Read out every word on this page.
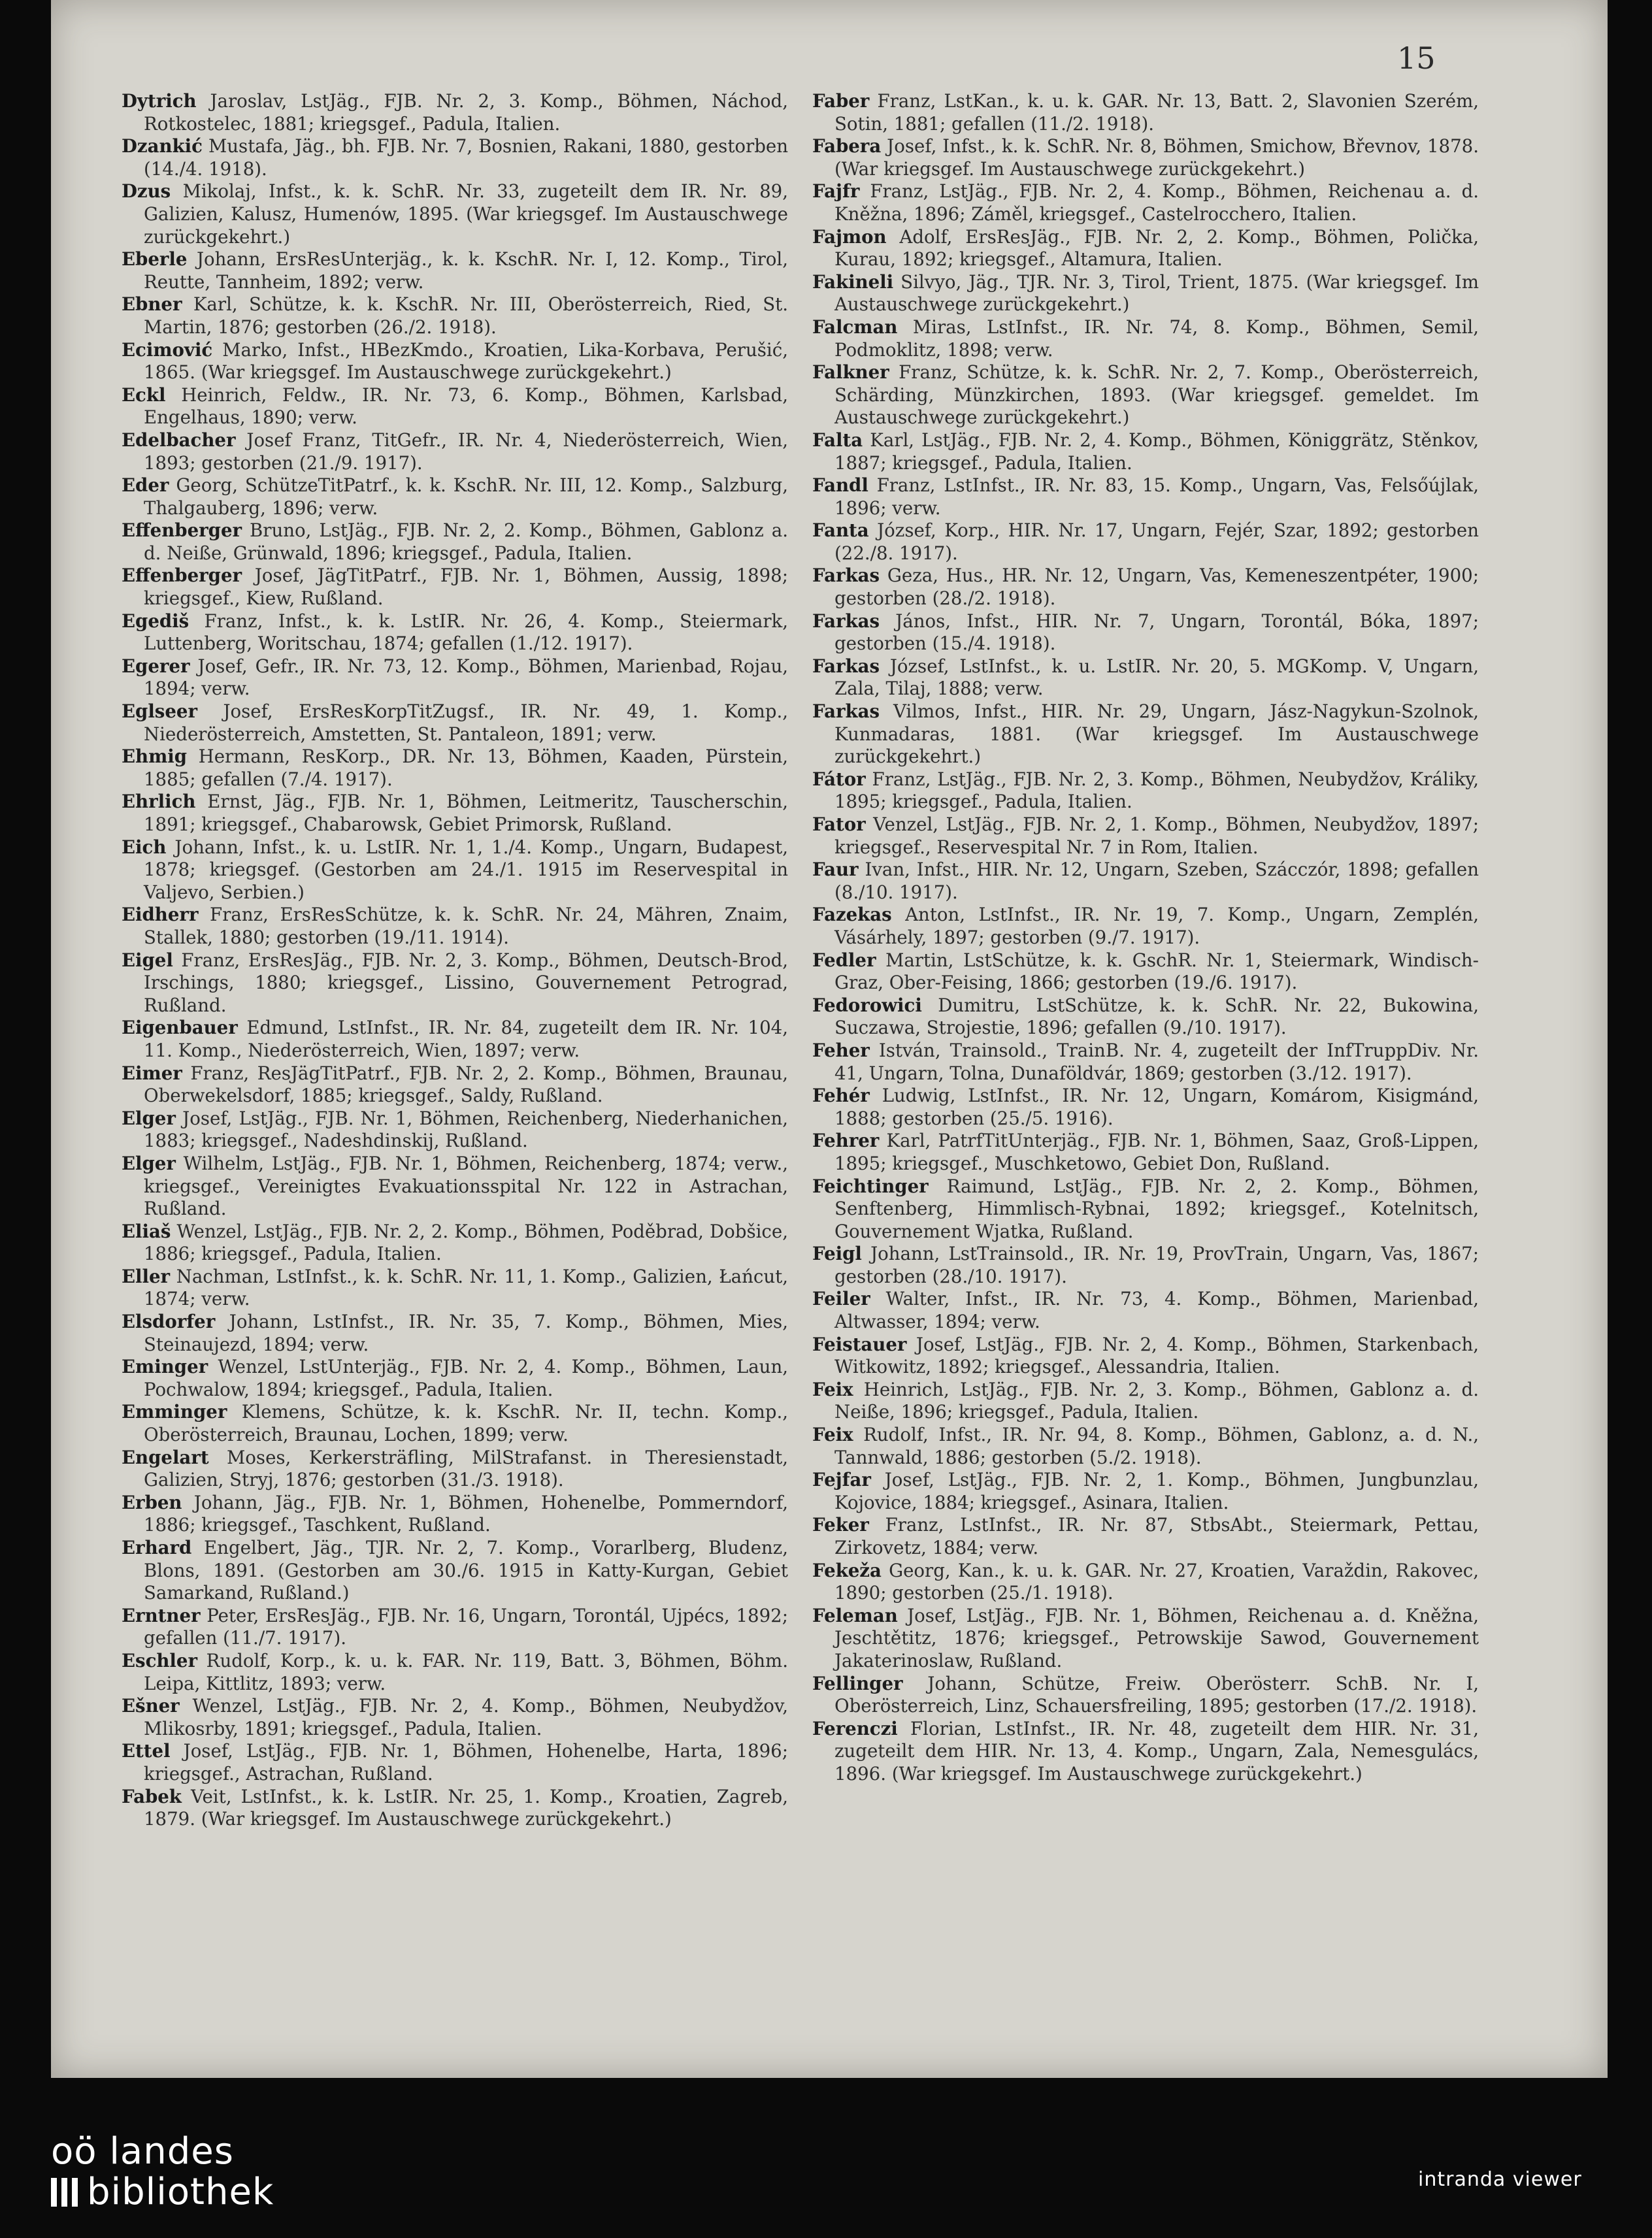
15

Dytrich Jaroslav, LstJäg., FJB. Nr. 2, 3. Komp., Böhmen, Náchod, Rotkostelec, 1881; kriegsgef., Padula, Italien.

Dzankić Mustafa, Jäg., bh. FJB. Nr. 7, Bosnien, Rakani, 1880, gestorben (14./4. 1918).

Dzus Mikolaj, Infst., k. k. SchR. Nr. 33, zugeteilt dem IR. Nr. 89, Galizien, Kalusz, Humenów, 1895. (War kriegsgef. Im Austauschwege zurückgekehrt.)

Eberle Johann, ErsResUnterjäg., k. k. KschR. Nr. I, 12. Komp., Tirol, Reutte, Tannheim, 1892; verw.

Ebner Karl, Schütze, k. k. KschR. Nr. III, Oberösterreich, Ried, St. Martin, 1876; gestorben (26./2. 1918).

Ecimović Marko, Infst., HBezKmdo., Kroatien, Lika-Korbava, Perušić, 1865. (War kriegsgef. Im Austauschwege zurückgekehrt.)

Eckl Heinrich, Feldw., IR. Nr. 73, 6. Komp., Böhmen, Karlsbad, Engelhaus, 1890; verw.

Edelbacher Josef Franz, TitGefr., IR. Nr. 4, Niederösterreich, Wien, 1893; gestorben (21./9. 1917).

Eder Georg, SchützeTitPatrf., k. k. KschR. Nr. III, 12. Komp., Salzburg, Thalgauberg, 1896; verw.

Effenberger Bruno, LstJäg., FJB. Nr. 2, 2. Komp., Böhmen, Gablonz a. d. Neiße, Grünwald, 1896; kriegsgef., Padula, Italien.

Effenberger Josef, JägTitPatrf., FJB. Nr. 1, Böhmen, Aussig, 1898; kriegsgef., Kiew, Rußland.

Egediš Franz, Infst., k. k. LstIR. Nr. 26, 4. Komp., Steiermark, Luttenberg, Woritschau, 1874; gefallen (1./12. 1917).

Egerer Josef, Gefr., IR. Nr. 73, 12. Komp., Böhmen, Marienbad, Rojau, 1894; verw.

Eglseer Josef, ErsResKorpTitZugsf., IR. Nr. 49, 1. Komp., Niederösterreich, Amstetten, St. Pantaleon, 1891; verw.

Ehmig Hermann, ResKorp., DR. Nr. 13, Böhmen, Kaaden, Pürstein, 1885; gefallen (7./4. 1917).

Ehrlich Ernst, Jäg., FJB. Nr. 1, Böhmen, Leitmeritz, Tauscherschin, 1891; kriegsgef., Chabarowsk, Gebiet Primorsk, Rußland.

Eich Johann, Infst., k. u. LstIR. Nr. 1, 1./4. Komp., Ungarn, Budapest, 1878; kriegsgef. (Gestorben am 24./1. 1915 im Reservespital in Valjevo, Serbien.)

Eidherr Franz, ErsResSchütze, k. k. SchR. Nr. 24, Mähren, Znaim, Stallek, 1880; gestorben (19./11. 1914).

Eigel Franz, ErsResJäg., FJB. Nr. 2, 3. Komp., Böhmen, Deutsch-Brod, Irschings, 1880; kriegsgef., Lissino, Gouvernement Petrograd, Rußland.

Eigenbauer Edmund, LstInfst., IR. Nr. 84, zugeteilt dem IR. Nr. 104, 11. Komp., Niederösterreich, Wien, 1897; verw.

Eimer Franz, ResJägTitPatrf., FJB. Nr. 2, 2. Komp., Böhmen, Braunau, Oberwekelsdorf, 1885; kriegsgef., Saldy, Rußland.

Elger Josef, LstJäg., FJB. Nr. 1, Böhmen, Reichenberg, Niederhanichen, 1883; kriegsgef., Nadeshdinskij, Rußland.

Elger Wilhelm, LstJäg., FJB. Nr. 1, Böhmen, Reichenberg, 1874; verw., kriegsgef., Vereinigtes Evakuationsspital Nr. 122 in Astrachan, Rußland.

Eliaš Wenzel, LstJäg., FJB. Nr. 2, 2. Komp., Böhmen, Poděbrad, Dobšice, 1886; kriegsgef., Padula, Italien.

Eller Nachman, LstInfst., k. k. SchR. Nr. 11, 1. Komp., Galizien, Łańcut, 1874; verw.

Elsdorfer Johann, LstInfst., IR. Nr. 35, 7. Komp., Böhmen, Mies, Steinaujezd, 1894; verw.

Eminger Wenzel, LstUnterjäg., FJB. Nr. 2, 4. Komp., Böhmen, Laun, Pochwalow, 1894; kriegsgef., Padula, Italien.

Emminger Klemens, Schütze, k. k. KschR. Nr. II, techn. Komp., Oberösterreich, Braunau, Lochen, 1899; verw.

Engelart Moses, Kerkersträfling, MilStrafanst. in Theresienstadt, Galizien, Stryj, 1876; gestorben (31./3. 1918).

Erben Johann, Jäg., FJB. Nr. 1, Böhmen, Hohenelbe, Pommerndorf, 1886; kriegsgef., Taschkent, Rußland.

Erhard Engelbert, Jäg., TJR. Nr. 2, 7. Komp., Vorarlberg, Bludenz, Blons, 1891. (Gestorben am 30./6. 1915 in Katty-Kurgan, Gebiet Samarkand, Rußland.)

Erntner Peter, ErsResJäg., FJB. Nr. 16, Ungarn, Torontál, Ujpécs, 1892; gefallen (11./7. 1917).

Eschler Rudolf, Korp., k. u. k. FAR. Nr. 119, Batt. 3, Böhmen, Böhm. Leipa, Kittlitz, 1893; verw.

Ešner Wenzel, LstJäg., FJB. Nr. 2, 4. Komp., Böhmen, Neubydžov, Mlikosrby, 1891; kriegsgef., Padula, Italien.

Ettel Josef, LstJäg., FJB. Nr. 1, Böhmen, Hohenelbe, Harta, 1896; kriegsgef., Astrachan, Rußland.

Fabek Veit, LstInfst., k. k. LstIR. Nr. 25, 1. Komp., Kroatien, Zagreb, 1879. (War kriegsgef. Im Austauschwege zurückgekehrt.)

Faber Franz, LstKan., k. u. k. GAR. Nr. 13, Batt. 2, Slavonien Szerém, Sotin, 1881; gefallen (11./2. 1918).

Fabera Josef, Infst., k. k. SchR. Nr. 8, Böhmen, Smichow, Břevnov, 1878. (War kriegsgef. Im Austauschwege zurückgekehrt.)

Fajfr Franz, LstJäg., FJB. Nr. 2, 4. Komp., Böhmen, Reichenau a. d. Kněžna, 1896; Záměl, kriegsgef., Castelrocchero, Italien.

Fajmon Adolf, ErsResJäg., FJB. Nr. 2, 2. Komp., Böhmen, Polička, Kurau, 1892; kriegsgef., Altamura, Italien.

Fakineli Silvyo, Jäg., TJR. Nr. 3, Tirol, Trient, 1875. (War kriegsgef. Im Austauschwege zurückgekehrt.)

Falcman Miras, LstInfst., IR. Nr. 74, 8. Komp., Böhmen, Semil, Podmoklitz, 1898; verw.

Falkner Franz, Schütze, k. k. SchR. Nr. 2, 7. Komp., Oberösterreich, Schärding, Münzkirchen, 1893. (War kriegsgef. gemeldet. Im Austauschwege zurückgekehrt.)

Falta Karl, LstJäg., FJB. Nr. 2, 4. Komp., Böhmen, Königgrätz, Stěnkov, 1887; kriegsgef., Padula, Italien.

Fandl Franz, LstInfst., IR. Nr. 83, 15. Komp., Ungarn, Vas, Felsőújlak, 1896; verw.

Fanta József, Korp., HIR. Nr. 17, Ungarn, Fejér, Szar, 1892; gestorben (22./8. 1917).

Farkas Geza, Hus., HR. Nr. 12, Ungarn, Vas, Kemeneszentpéter, 1900; gestorben (28./2. 1918).

Farkas János, Infst., HIR. Nr. 7, Ungarn, Torontál, Bóka, 1897; gestorben (15./4. 1918).

Farkas József, LstInfst., k. u. LstIR. Nr. 20, 5. MGKomp. V, Ungarn, Zala, Tilaj, 1888; verw.

Farkas Vilmos, Infst., HIR. Nr. 29, Ungarn, Jász-Nagykun-Szolnok, Kunmadaras, 1881. (War kriegsgef. Im Austauschwege zurückgekehrt.)

Fátor Franz, LstJäg., FJB. Nr. 2, 3. Komp., Böhmen, Neubydžov, Králiky, 1895; kriegsgef., Padula, Italien.

Fator Venzel, LstJäg., FJB. Nr. 2, 1. Komp., Böhmen, Neubydžov, 1897; kriegsgef., Reservespital Nr. 7 in Rom, Italien.

Faur Ivan, Infst., HIR. Nr. 12, Ungarn, Szeben, Szácczór, 1898; gefallen (8./10. 1917).

Fazekas Anton, LstInfst., IR. Nr. 19, 7. Komp., Ungarn, Zemplén, Vásárhely, 1897; gestorben (9./7. 1917).

Fedler Martin, LstSchütze, k. k. GschR. Nr. 1, Steiermark, Windisch-Graz, Ober-Feising, 1866; gestorben (19./6. 1917).

Fedorowici Dumitru, LstSchütze, k. k. SchR. Nr. 22, Bukowina, Suczawa, Strojestie, 1896; gefallen (9./10. 1917).

Feher István, Trainsold., TrainB. Nr. 4, zugeteilt der InfTruppDiv. Nr. 41, Ungarn, Tolna, Dunaföldvár, 1869; gestorben (3./12. 1917).

Fehér Ludwig, LstInfst., IR. Nr. 12, Ungarn, Komárom, Kisigmánd, 1888; gestorben (25./5. 1916).

Fehrer Karl, PatrfTitUnterjäg., FJB. Nr. 1, Böhmen, Saaz, Groß-Lippen, 1895; kriegsgef., Muschketowo, Gebiet Don, Rußland.

Feichtinger Raimund, LstJäg., FJB. Nr. 2, 2. Komp., Böhmen, Senftenberg, Himmlisch-Rybnai, 1892; kriegsgef., Kotelnitsch, Gouvernement Wjatka, Rußland.

Feigl Johann, LstTrainsold., IR. Nr. 19, ProvTrain, Ungarn, Vas, 1867; gestorben (28./10. 1917).

Feiler Walter, Infst., IR. Nr. 73, 4. Komp., Böhmen, Marienbad, Altwasser, 1894; verw.

Feistauer Josef, LstJäg., FJB. Nr. 2, 4. Komp., Böhmen, Starkenbach, Witkowitz, 1892; kriegsgef., Alessandria, Italien.

Feix Heinrich, LstJäg., FJB. Nr. 2, 3. Komp., Böhmen, Gablonz a. d. Neiße, 1896; kriegsgef., Padula, Italien.

Feix Rudolf, Infst., IR. Nr. 94, 8. Komp., Böhmen, Gablonz, a. d. N., Tannwald, 1886; gestorben (5./2. 1918).

Fejfar Josef, LstJäg., FJB. Nr. 2, 1. Komp., Böhmen, Jungbunzlau, Kojovice, 1884; kriegsgef., Asinara, Italien.

Feker Franz, LstInfst., IR. Nr. 87, StbsAbt., Steiermark, Pettau, Zirkovetz, 1884; verw.

Fekeža Georg, Kan., k. u. k. GAR. Nr. 27, Kroatien, Varaždin, Rakovec, 1890; gestorben (25./1. 1918).

Feleman Josef, LstJäg., FJB. Nr. 1, Böhmen, Reichenau a. d. Kněžna, Jeschtětitz, 1876; kriegsgef., Petrowskije Sawod, Gouvernement Jakaterinoslaw, Rußland.

Fellinger Johann, Schütze, Freiw. Oberösterr. SchB. Nr. I, Oberösterreich, Linz, Schauersfreiling, 1895; gestorben (17./2. 1918).

Ferenczi Florian, LstInfst., IR. Nr. 48, zugeteilt dem HIR. Nr. 31, zugeteilt dem HIR. Nr. 13, 4. Komp., Ungarn, Zala, Nemesgulács, 1896. (War kriegsgef. Im Austauschwege zurückgekehrt.)

oö landes
bibliothek	intranda viewer
